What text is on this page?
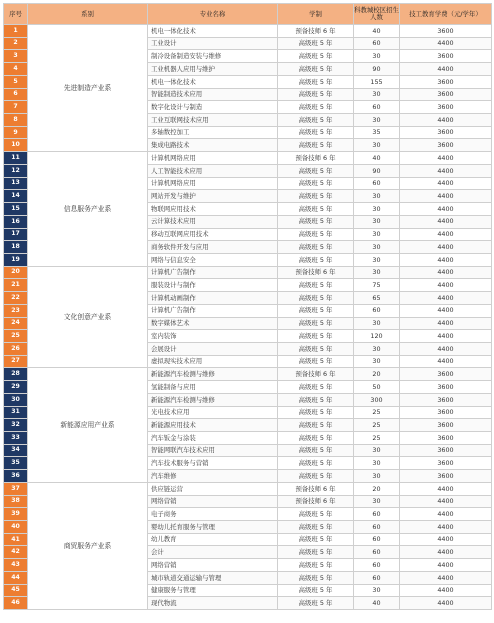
序号	系别	专业名称	学制	科教城校区招生人数	技工教育学费（元/学年）
1	先进制造产业系	机电一体化技术	预备技师 6 年	40	3600
2		工业设计	高级班 5 年	60	4400
3		制冷设备制造安装与维修	高级班 5 年	30	3600
4		工业机器人应用与维护	高级班 5 年	90	4400
5		机电一体化技术	高级班 5 年	155	3600
6		智能制造技术应用	高级班 5 年	30	3600
7		数字化设计与制造	高级班 5 年	60	3600
8		工业互联网技术应用	高级班 5 年	30	4400
9		多轴数控加工	高级班 5 年	35	3600
10		集成电路技术	高级班 5 年	30	3600
11	信息服务产业系	计算机网络应用	预备技师 6 年	40	4400
12		人工智能技术应用	高级班 5 年	90	4400
13		计算机网络应用	高级班 5 年	60	4400
14		网站开发与维护	高级班 5 年	30	4400
15		物联网应用技术	高级班 5 年	30	4400
16		云计算技术应用	高级班 5 年	30	4400
17		移动互联网应用技术	高级班 5 年	30	4400
18		商务软件开发与应用	高级班 5 年	30	4400
19		网络与信息安全	高级班 5 年	30	4400
20	文化创意产业系	计算机广告制作	预备技师 6 年	30	4400
21		服装设计与制作	高级班 5 年	75	4400
22		计算机动画制作	高级班 5 年	65	4400
23		计算机广告制作	高级班 5 年	60	4400
24		数字媒体艺术	高级班 5 年	30	4400
25		室内装饰	高级班 5 年	120	4400
26		会展设计	高级班 5 年	30	4400
27		虚拟现实技术应用	高级班 5 年	30	4400
28	新能源应用产业系	新能源汽车检测与维修	预备技师 6 年	20	3600
29		氢能制备与应用	高级班 5 年	50	3600
30		新能源汽车检测与维修	高级班 5 年	300	3600
31		光电技术应用	高级班 5 年	25	3600
32		新能源应用技术	高级班 5 年	25	3600
33		汽车钣金与涂装	高级班 5 年	25	3600
34		智能网联汽车技术应用	高级班 5 年	30	3600
35		汽车技术服务与营销	高级班 5 年	30	3600
36		汽车维修	高级班 5 年	30	3600
37	商贸服务产业系	供应链运营	预备技师 6 年	20	4400
38		网络营销	预备技师 6 年	30	4400
39		电子商务	高级班 5 年	60	4400
40		婴幼儿托育服务与管理	高级班 5 年	60	4400
41		幼儿教育	高级班 5 年	60	4400
42		会计	高级班 5 年	60	4400
43		网络营销	高级班 5 年	60	4400
44		城市轨道交通运输与管理	高级班 5 年	60	4400
45		健康服务与管理	高级班 5 年	30	4400
46		现代物流	高级班 5 年	40	4400
